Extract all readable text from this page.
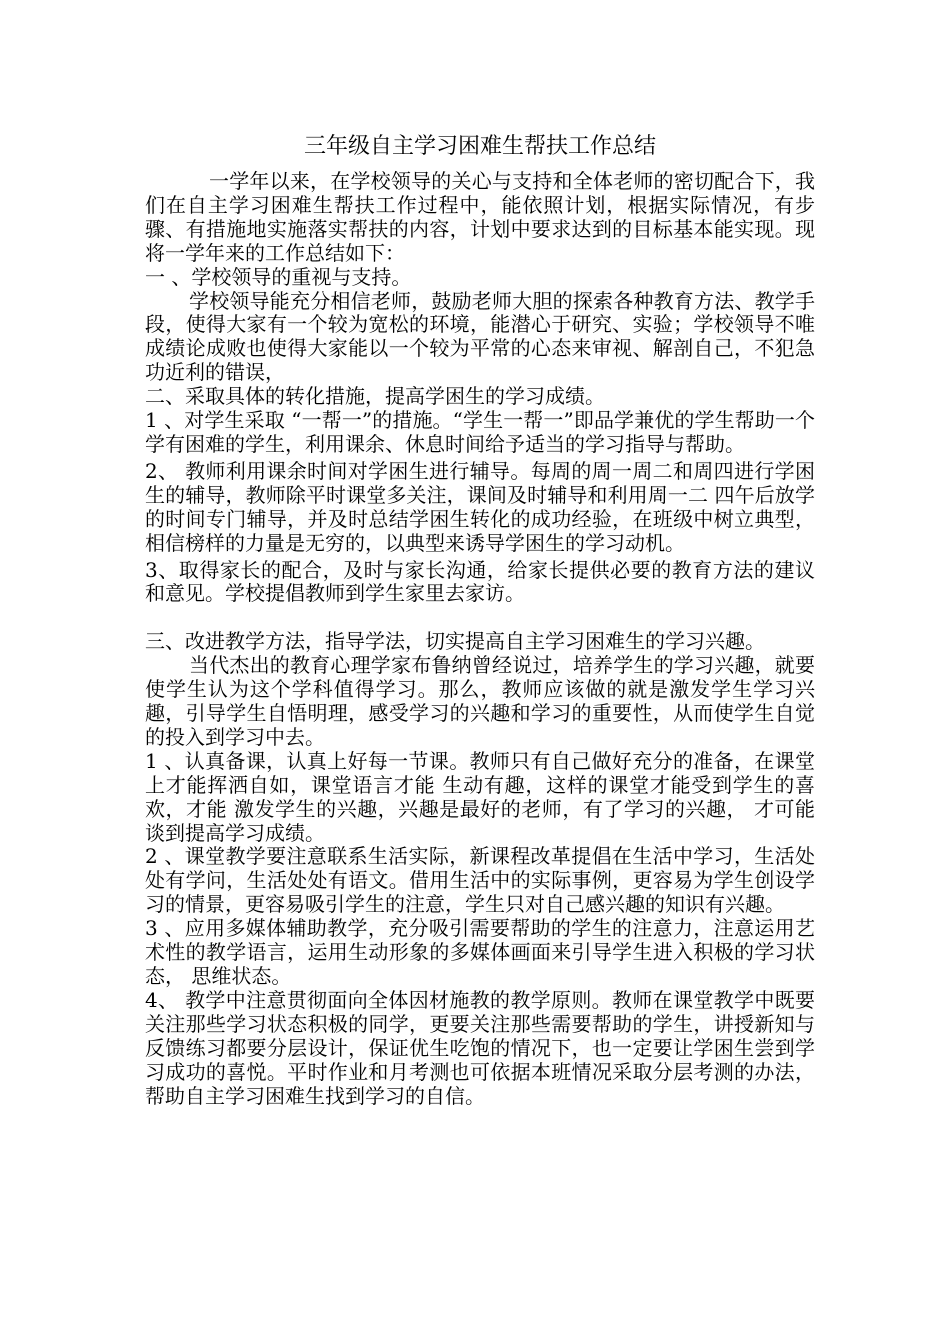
三年级自主学习困难生帮扶工作总结

一学年以来，在学校领导的关心与支持和全体老师的密切配合下，我们在自主学习困难生帮扶工作过程中，能依照计划，根据实际情况，有步骤、有措施地实施落实帮扶的内容，计划中要求达到的目标基本能实现。现将一学年来的工作总结如下：

一 、学校领导的重视与支持。

学校领导能充分相信老师，鼓励老师大胆的探索各种教育方法、教学手段，使得大家有一个较为宽松的环境，能潜心于研究、实验；学校领导不唯成绩论成败也使得大家能以一个较为平常的心态来审视、解剖自己，不犯急功近利的错误，

二、采取具体的转化措施，提高学困生的学习成绩。

1 、对学生采取 “一帮一”的措施。“学生一帮一”即品学兼优的学生帮助一个学有困难的学生，利用课余、休息时间给予适当的学习指导与帮助。

2、 教师利用课余时间对学困生进行辅导。每周的周一周二和周四进行学困生的辅导，教师除平时课堂多关注，课间及时辅导和利用周一二 四午后放学的时间专门辅导，并及时总结学困生转化的成功经验，在班级中树立典型，相信榜样的力量是无穷的，以典型来诱导学困生的学习动机。

3、取得家长的配合，及时与家长沟通，给家长提供必要的教育方法的建议和意见。学校提倡教师到学生家里去家访。

三、改进教学方法，指导学法，切实提高自主学习困难生的学习兴趣。

当代杰出的教育心理学家布鲁纳曾经说过，培养学生的学习兴趣，就要使学生认为这个学科值得学习。那么，教师应该做的就是激发学生学习兴趣，引导学生自悟明理，感受学习的兴趣和学习的重要性，从而使学生自觉的投入到学习中去。

1 、认真备课，认真上好每一节课。教师只有自己做好充分的准备，在课堂上才能挥洒自如，课堂语言才能 生动有趣，这样的课堂才能受到学生的喜欢，才能 激发学生的兴趣，兴趣是最好的老师，有了学习的兴趣， 才可能谈到提高学习成绩。

2 、课堂教学要注意联系生活实际，新课程改革提倡在生活中学习，生活处处有学问，生活处处有语文。借用生活中的实际事例，更容易为学生创设学习的情景，更容易吸引学生的注意，学生只对自己感兴趣的知识有兴趣。

3 、应用多媒体辅助教学，充分吸引需要帮助的学生的注意力，注意运用艺术性的教学语言，运用生动形象的多媒体画面来引导学生进入积极的学习状态， 思维状态。

4、 教学中注意贯彻面向全体因材施教的教学原则。教师在课堂教学中既要关注那些学习状态积极的同学，更要关注那些需要帮助的学生，讲授新知与反馈练习都要分层设计，保证优生吃饱的情况下，也一定要让学困生尝到学习成功的喜悦。平时作业和月考测也可依据本班情况采取分层考测的办法， 帮助自主学习困难生找到学习的自信。
